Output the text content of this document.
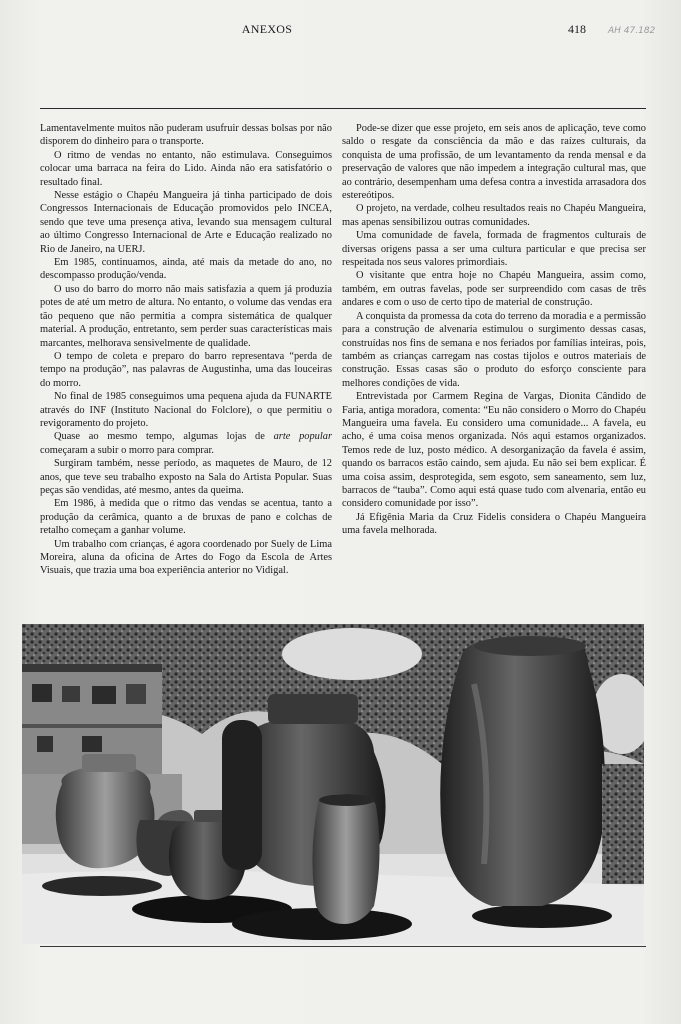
ANEXOS	418 AH 47.182

Lamentavelmente muitos não puderam usufruir dessas bolsas por não disporem do dinheiro para o transporte.

O ritmo de vendas no entanto, não estimulava. Conseguimos colocar uma barraca na feira do Lido. Ainda não era satisfatório o resultado final.

Nesse estágio o Chapéu Mangueira já tinha participado de dois Congressos Internacionais de Educação promovidos pelo INCEA, sendo que teve uma presença ativa, levando sua mensagem cultural ao último Congresso Internacional de Arte e Educação realizado no Rio de Janeiro, na UERJ.

Em 1985, continuamos, ainda, até mais da metade do ano, no descompasso produção/venda.

O uso do barro do morro não mais satisfazia a quem já produzia potes de até um metro de altura. No entanto, o volume das vendas era tão pequeno que não permitia a compra sistemática de qualquer material. A produção, entretanto, sem perder suas características mais marcantes, melhorava sensivelmente de qualidade.

O tempo de coleta e preparo do barro representava “perda de tempo na produção”, nas palavras de Augustinha, uma das louceiras do morro.

No final de 1985 conseguimos uma pequena ajuda da FUNARTE através do INF (Instituto Nacional do Folclore), o que permitiu o revigoramento do projeto.

Quase ao mesmo tempo, algumas lojas de arte popular começaram a subir o morro para comprar.

Surgiram também, nesse período, as maquetes de Mauro, de 12 anos, que teve seu trabalho exposto na Sala do Artista Popular. Suas peças são vendidas, até mesmo, antes da queima.

Em 1986, à medida que o ritmo das vendas se acentua, tanto a produção da cerâmica, quanto a de bruxas de pano e colchas de retalho começam a ganhar volume.

Um trabalho com crianças, é agora coordenado por Suely de Lima Moreira, aluna da oficina de Artes do Fogo da Escola de Artes Visuais, que trazia uma boa experiência anterior no Vidigal.

Pode-se dizer que esse projeto, em seis anos de aplicação, teve como saldo o resgate da consciência da mão e das raízes culturais, da conquista de uma profissão, de um levantamento da renda mensal e da preservação de valores que não impedem a integração cultural mas, que ao contrário, desempenham uma defesa contra a investida arrasadora dos estereótipos.

O projeto, na verdade, colheu resultados reais no Chapéu Mangueira, mas apenas sensibilizou outras comunidades.

Uma comunidade de favela, formada de fragmentos culturais de diversas origens passa a ser uma cultura particular e que precisa ser respeitada nos seus valores primordiais.

O visitante que entra hoje no Chapéu Mangueira, assim como, também, em outras favelas, pode ser surpreendido com casas de três andares e com o uso de certo tipo de material de construção.

A conquista da promessa da cota do terreno da moradia e a permissão para a construção de alvenaria estimulou o surgimento dessas casas, construídas nos fins de semana e nos feriados por famílias inteiras, pois, também as crianças carregam nas costas tijolos e outros materiais de construção. Essas casas são o produto do esforço consciente para melhores condições de vida.

Entrevistada por Carmem Regina de Vargas, Dionita Cândido de Faria, antiga moradora, comenta: “Eu não considero o Morro do Chapéu Mangueira uma favela. Eu considero uma comunidade... A favela, eu acho, é uma coisa menos organizada. Nós aqui estamos organizados. Temos rede de luz, posto médico. A desorganização da favela é assim, quando os barracos estão caindo, sem ajuda. Eu não sei bem explicar. É uma coisa assim, desprotegida, sem esgoto, sem saneamento, sem luz, barracos de “tauba”. Como aqui está quase tudo com alvenaria, então eu considero comunidade por isso”.

Já Efigênia Maria da Cruz Fidelis considera o Chapéu Mangueira uma favela melhorada.
